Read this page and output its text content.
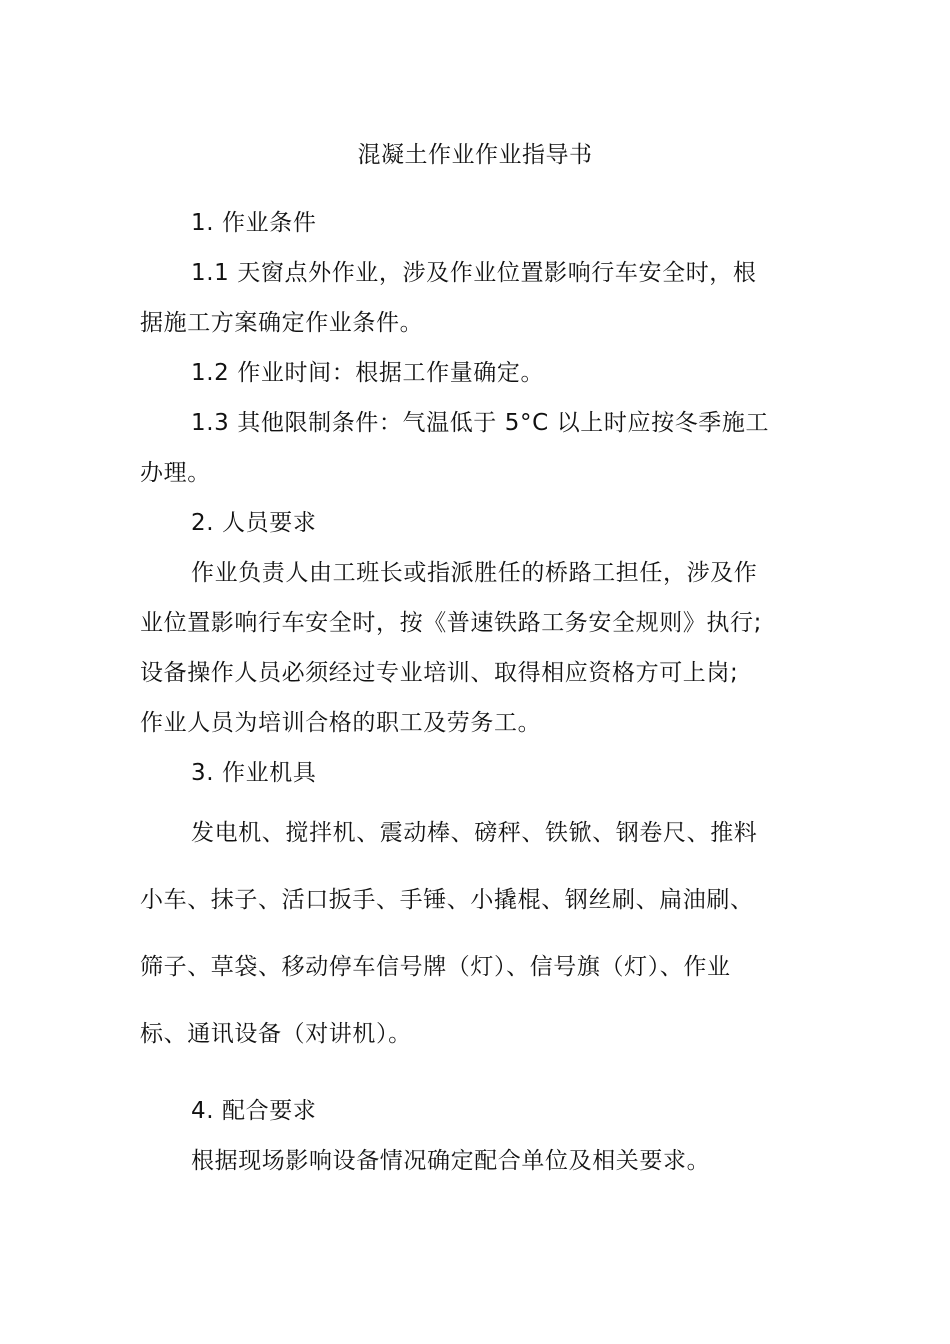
混凝土作业作业指导书
1. 作业条件
1.1 天窗点外作业，涉及作业位置影响行车安全时，根
据施工方案确定作业条件。
1.2 作业时间：根据工作量确定。
1.3 其他限制条件：气温低于 5°C 以上时应按冬季施工
办理。
2. 人员要求
作业负责人由工班长或指派胜任的桥路工担任，涉及作
业位置影响行车安全时，按《普速铁路工务安全规则》执行;
设备操作人员必须经过专业培训、取得相应资格方可上岗;
作业人员为培训合格的职工及劳务工。
3. 作业机具
发电机、搅拌机、震动棒、磅秤、铁锨、钢卷尺、推料
小车、抹子、活口扳手、手锤、小撬棍、钢丝刷、扁油刷、
筛子、草袋、移动停车信号牌（灯）、信号旗（灯）、作业
标、通讯设备（对讲机）。
4. 配合要求
根据现场影响设备情况确定配合单位及相关要求。
